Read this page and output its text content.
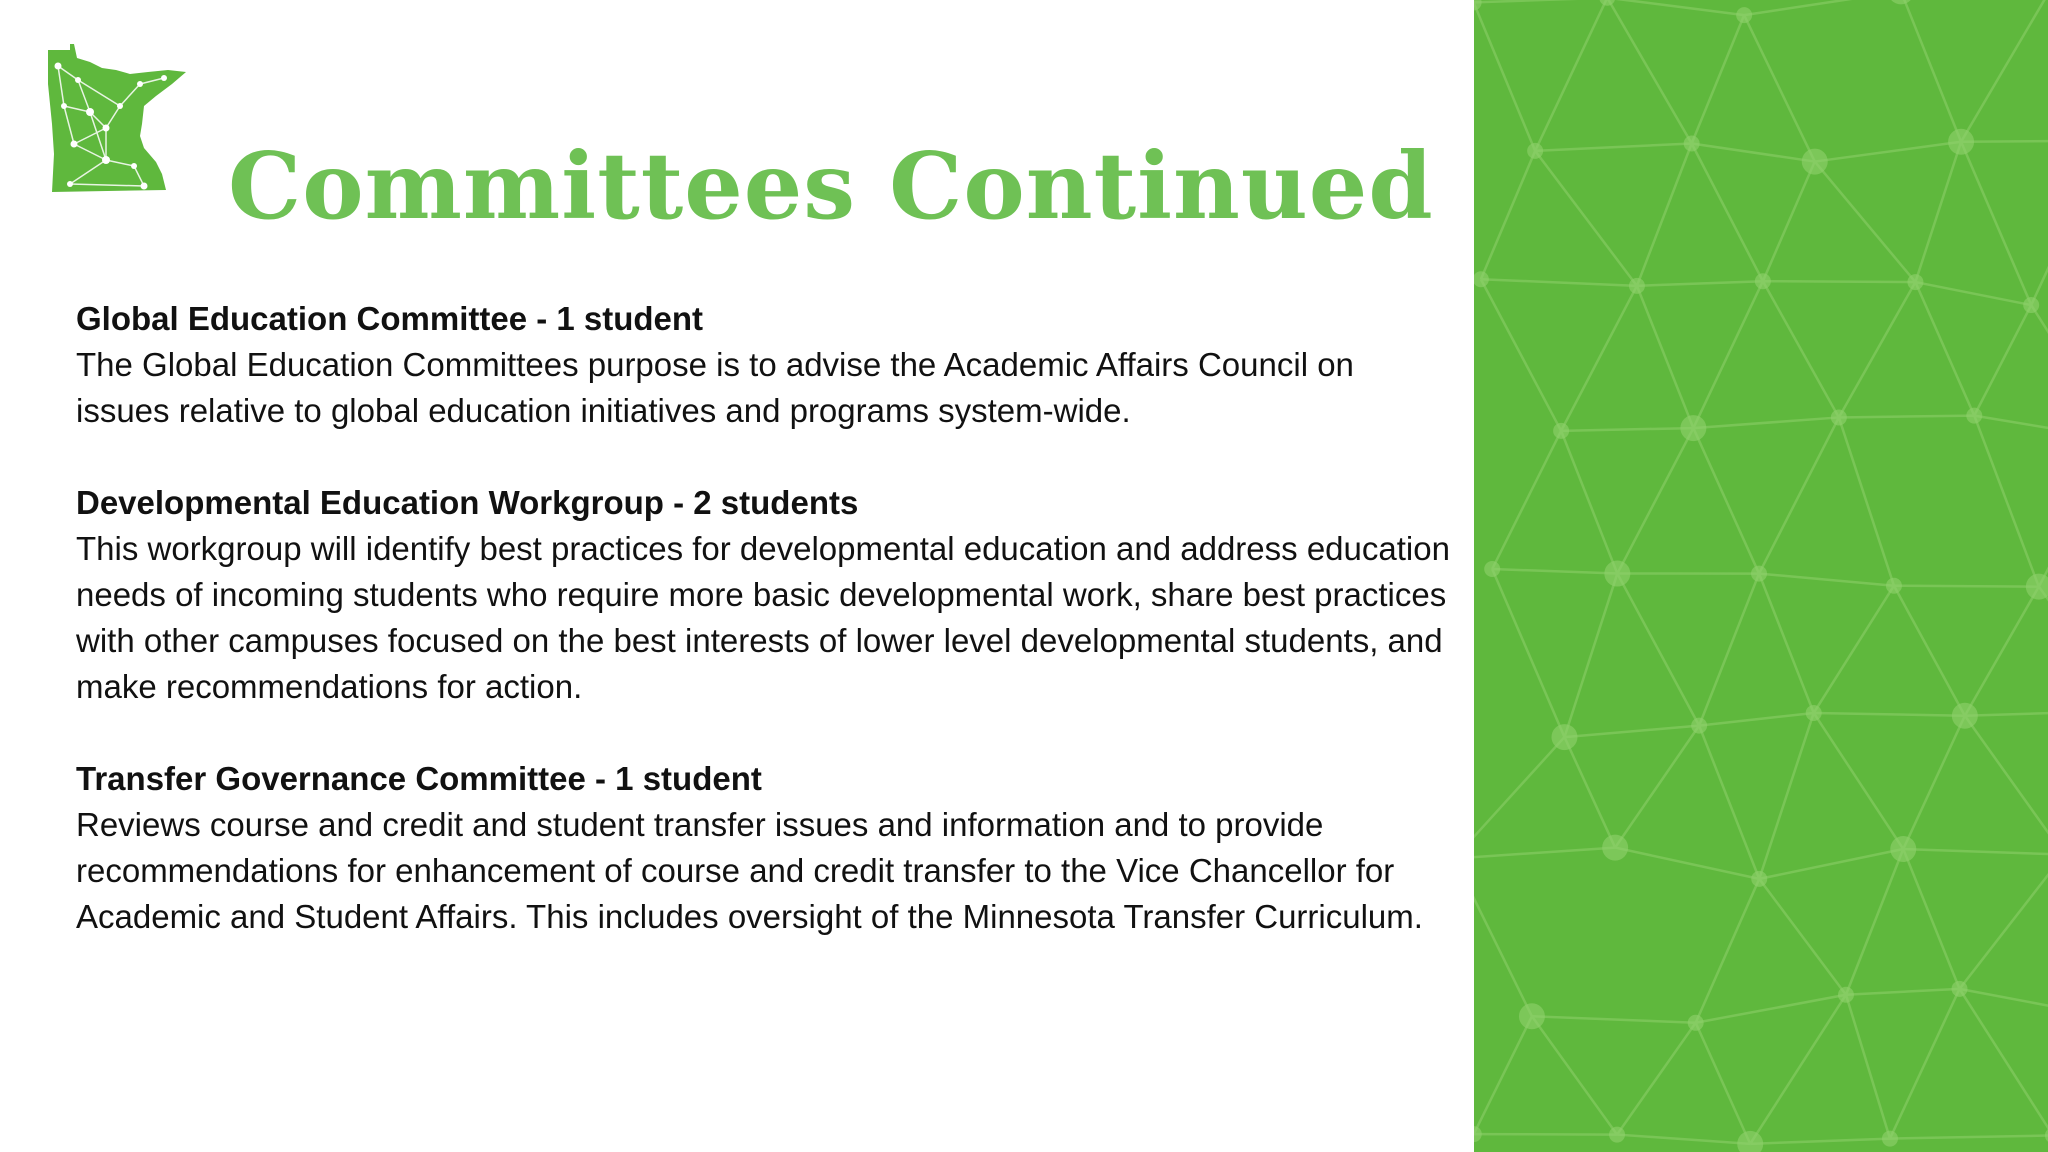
Committees Continued
Global Education Committee - 1 student
The Global Education Committees purpose is to advise the Academic Affairs Council on issues relative to global education initiatives and programs system-wide.
Developmental Education Workgroup - 2 students
This workgroup will identify best practices for developmental education and address education needs of incoming students who require more basic developmental work, share best practices with other campuses focused on the best interests of lower level developmental students, and make recommendations for action.
Transfer Governance Committee - 1 student
Reviews course and credit and student transfer issues and information and to provide recommendations for enhancement of course and credit transfer to the Vice Chancellor for Academic and Student Affairs. This includes oversight of the Minnesota Transfer Curriculum.
